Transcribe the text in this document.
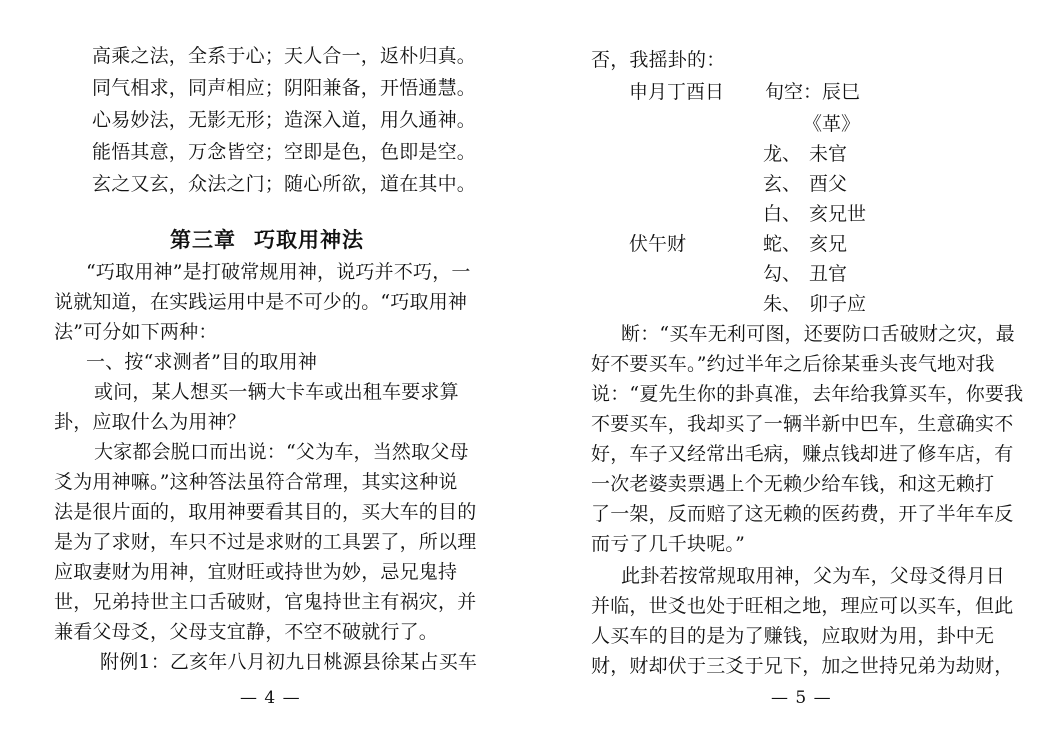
高乘之法，全系于心；天人合一，返朴归真。
同气相求，同声相应；阴阳兼备，开悟通慧。
心易妙法，无影无形；造深入道，用久通神。
能悟其意，万念皆空；空即是色，色即是空。
玄之又玄，众法之门；随心所欲，道在其中。
第三章 巧取用神法
“巧取用神”是打破常规用神，说巧并不巧，一
说就知道，在实践运用中是不可少的。“巧取用神
法”可分如下两种：
一、按“求测者”目的取用神
或问，某人想买一辆大卡车或出租车要求算
卦，应取什么为用神？
大家都会脱口而出说：“父为车，当然取父母
爻为用神嘛。”这种答法虽符合常理，其实这种说
法是很片面的，取用神要看其目的，买大车的目的
是为了求财，车只不过是求财的工具罢了，所以理
应取妻财为用神，宜财旺或持世为妙，忌兄鬼持
世，兄弟持世主口舌破财，官鬼持世主有祸灾，并
兼看父母爻，父母支宜静，不空不破就行了。
附例1：乙亥年八月初九日桃源县徐某占买车
— 4 —
否，我摇卦的：
申月丁酉日 旬空：辰巳
《革》
龙、 未官
玄、 酉父
白、 亥兄世
伏午财	蛇、 亥兄
勾、 丑官
朱、 卯子应
断：“买车无利可图，还要防口舌破财之灾，最
好不要买车。”约过半年之后徐某垂头丧气地对我
说：“夏先生你的卦真准，去年给我算买车，你要我
不要买车，我却买了一辆半新中巴车，生意确实不
好，车子又经常出毛病，赚点钱却进了修车店，有
一次老婆卖票遇上个无赖少给车钱，和这无赖打
了一架，反而赔了这无赖的医药费，开了半年车反
而亏了几千块呢。”
此卦若按常规取用神，父为车，父母爻得月日
并临，世爻也处于旺相之地，理应可以买车，但此
人买车的目的是为了赚钱，应取财为用，卦中无
财，财却伏于三爻于兄下，加之世持兄弟为劫财，
— 5 —
